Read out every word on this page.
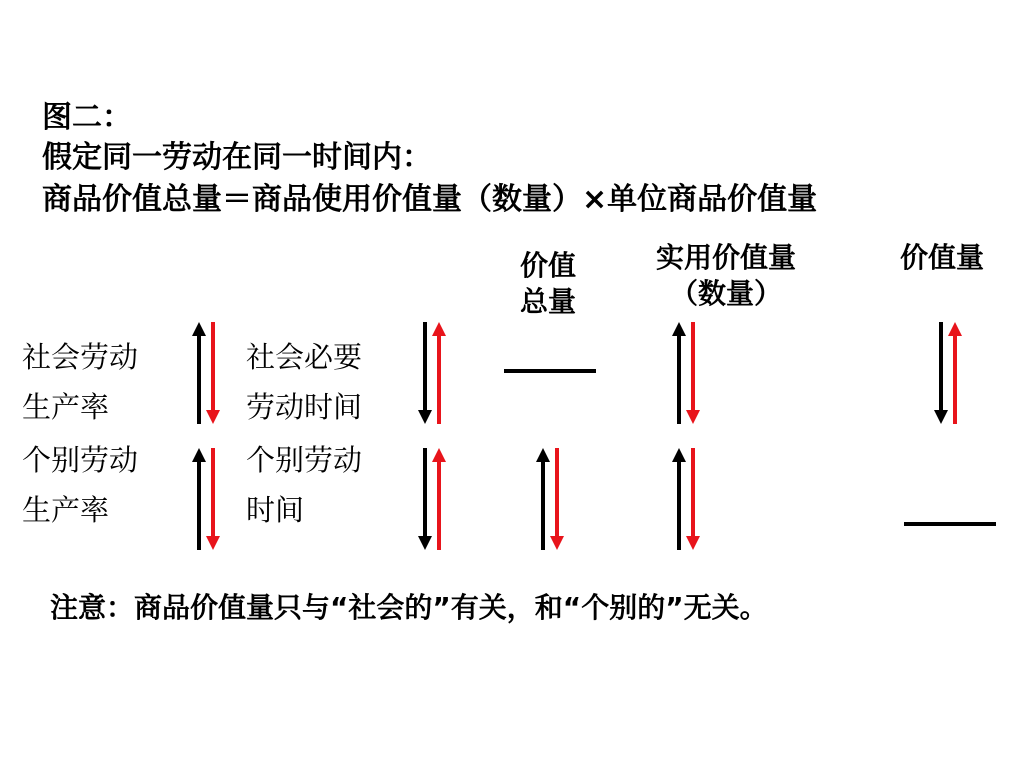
图二：
假定同一劳动在同一时间内：
商品价值总量＝商品使用价值量（数量）×单位商品价值量
价值
总量
实用价值量
（数量）
价值量
社会劳动
生产率
社会必要
劳动时间
个别劳动
生产率
个别劳动
时间
注意：商品价值量只与“社会的”有关，和“个别的”无关。
